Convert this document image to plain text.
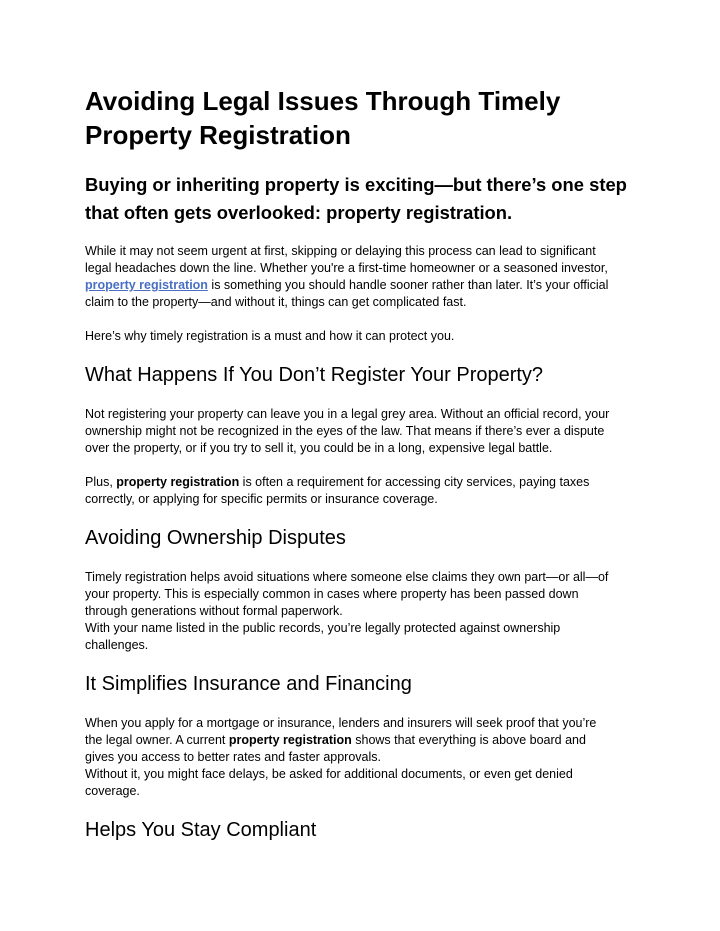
Avoiding Legal Issues Through Timely Property Registration
Buying or inheriting property is exciting—but there’s one step that often gets overlooked: property registration.

While it may not seem urgent at first, skipping or delaying this process can lead to significant
legal headaches down the line. Whether you're a first-time homeowner or a seasoned investor,
property registration is something you should handle sooner rather than later. It’s your official
claim to the property—and without it, things can get complicated fast.

Here’s why timely registration is a must and how it can protect you.

What Happens If You Don’t Register Your Property?

Not registering your property can leave you in a legal grey area. Without an official record, your
ownership might not be recognized in the eyes of the law. That means if there’s ever a dispute
over the property, or if you try to sell it, you could be in a long, expensive legal battle.

Plus, property registration is often a requirement for accessing city services, paying taxes
correctly, or applying for specific permits or insurance coverage.

Avoiding Ownership Disputes

Timely registration helps avoid situations where someone else claims they own part—or all—of
your property. This is especially common in cases where property has been passed down
through generations without formal paperwork.
With your name listed in the public records, you’re legally protected against ownership
challenges.

It Simplifies Insurance and Financing

When you apply for a mortgage or insurance, lenders and insurers will seek proof that you’re
the legal owner. A current property registration shows that everything is above board and
gives you access to better rates and faster approvals.
Without it, you might face delays, be asked for additional documents, or even get denied
coverage.

Helps You Stay Compliant
